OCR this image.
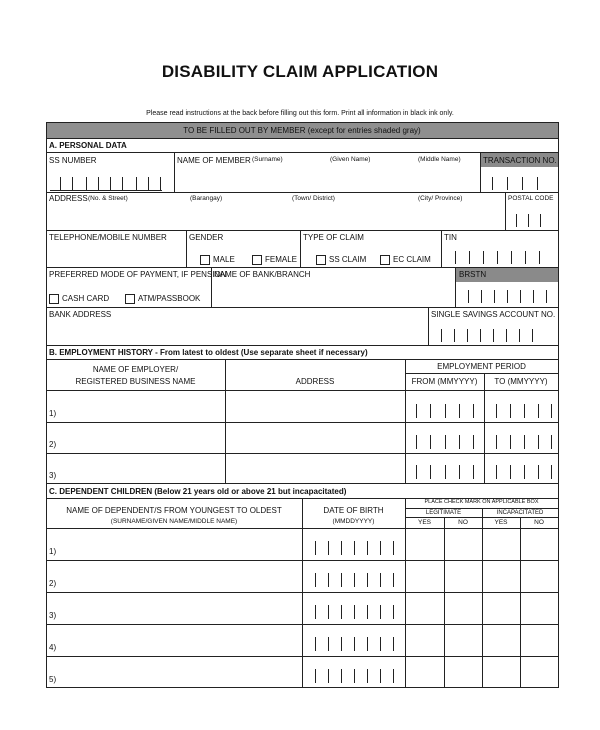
DISABILITY CLAIM APPLICATION
Please read instructions at the back before filling out this form. Print all information in black ink only.
TO BE FILLED OUT BY MEMBER (except for entries shaded gray)
A. PERSONAL DATA
SS NUMBER	NAME OF MEMBER (Surname)	(Given Name)	(Middle Name)	TRANSACTION NO.
ADDRESS (No. & Street)	(Barangay)	(Town/ District)	(City/ Province)	POSTAL CODE
TELEPHONE/MOBILE NUMBER	GENDER	TYPE OF CLAIM	TIN
MALE	FEMALE	SS CLAIM	EC CLAIM
PREFERRED MODE OF PAYMENT, IF PENSION
NAME OF BANK/BRANCH	BRSTN
CASH CARD	ATM/PASSBOOK
BANK ADDRESS	SINGLE SAVINGS ACCOUNT NO.
B. EMPLOYMENT HISTORY - From latest to oldest (Use separate sheet if necessary)
NAME OF EMPLOYER/
REGISTERED BUSINESS NAME	ADDRESS
EMPLOYMENT PERIOD
FROM (MMYYYY)	TO (MMYYYY)
1)
2)
3)
C. DEPENDENT CHILDREN (Below 21 years old or above 21 but incapacitated)
NAME OF DEPENDENT/S FROM YOUNGEST TO OLDEST
(SURNAME/GIVEN NAME/MIDDLE NAME)
DATE OF BIRTH
(MMDDYYYY)
PLACE CHECK MARK ON APPLICABLE BOX
LEGITIMATE	INCAPACITATED
YES	NO	YES	NO
1)
2)
3)
4)
5)
